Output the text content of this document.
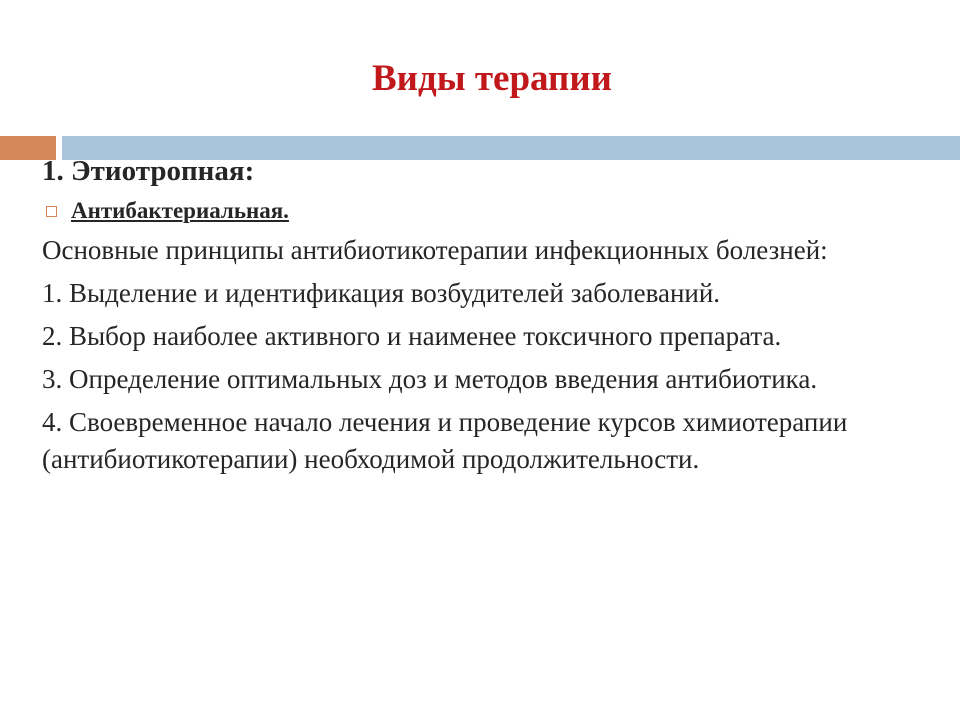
Виды терапии

1. Этиотропная:

Антибактериальная.

Основные принципы антибиотикотерапии инфекционных болезней:

1. Выделение и идентификация возбудителей заболеваний.

2. Выбор наиболее активного и наименее токсичного препарата.

3. Определение оптимальных доз и методов введения антибиотика.

4. Своевременное начало лечения и проведение курсов химиотерапии (антибиотикотерапии) необходимой продолжительности.
